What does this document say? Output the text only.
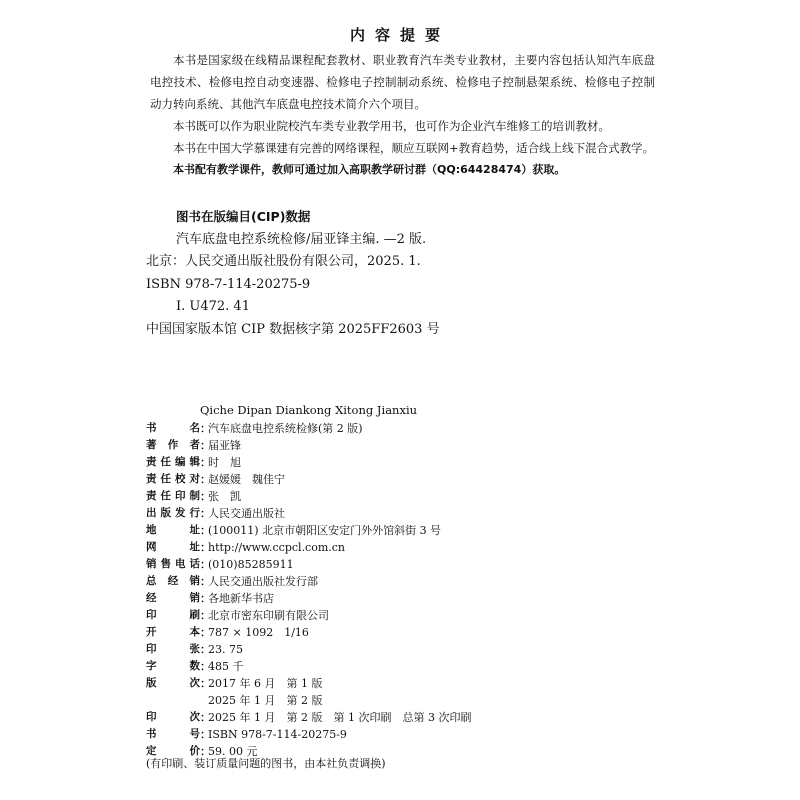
内容提要

本书是国家级在线精品课程配套教材、职业教育汽车类专业教材，主要内容包括认知汽车底盘电控技术、检修电控自动变速器、检修电子控制制动系统、检修电子控制悬架系统、检修电子控制动力转向系统、其他汽车底盘电控技术简介六个项目。

本书既可以作为职业院校汽车类专业教学用书，也可作为企业汽车维修工的培训教材。

本书在中国大学慕课建有完善的网络课程，顺应互联网+教育趋势，适合线上线下混合式教学。

本书配有教学课件，教师可通过加入高职教学研讨群（QQ:64428474）获取。

图书在版编目(CIP)数据
汽车底盘电控系统检修/届亚锋主编. —2 版.
北京：人民交通出版社股份有限公司，2025. 1.
ISBN 978-7-114-20275-9
Ⅰ. U472. 41
中国国家版本馆 CIP 数据核字第 2025FF2603 号
Qiche Dipan Diankong Xitong Jianxiu
书名 ：
汽车底盘电控系统检修(第 2 版)
著作者 ：
届亚锋
责任编辑 ：
时　旭
责任校对 ：
赵媛媛　魏佳宁
责任印制 ：
张　凯
出版发行 ：
人民交通出版社
地址 ：
(100011) 北京市朝阳区安定门外外馆斜街 3 号
网址 ：
http://www.ccpcl.com.cn
销售电话 ：
(010)85285911
总经销 ：
人民交通出版社发行部
经销 ：
各地新华书店
印刷 ：
北京市密东印刷有限公司
开本 ：
787 × 1092　1/16
印张 ：
23. 75
字数 ：
485 千
版次 ：
2017 年 6 月　第 1 版
2025 年 1 月　第 2 版
印次 ：
2025 年 1 月　第 2 版　第 1 次印刷　总第 3 次印刷
书号 ：
ISBN 978-7-114-20275-9
定价 ：
59. 00 元
(有印刷、装订质量问题的图书，由本社负责调换)
